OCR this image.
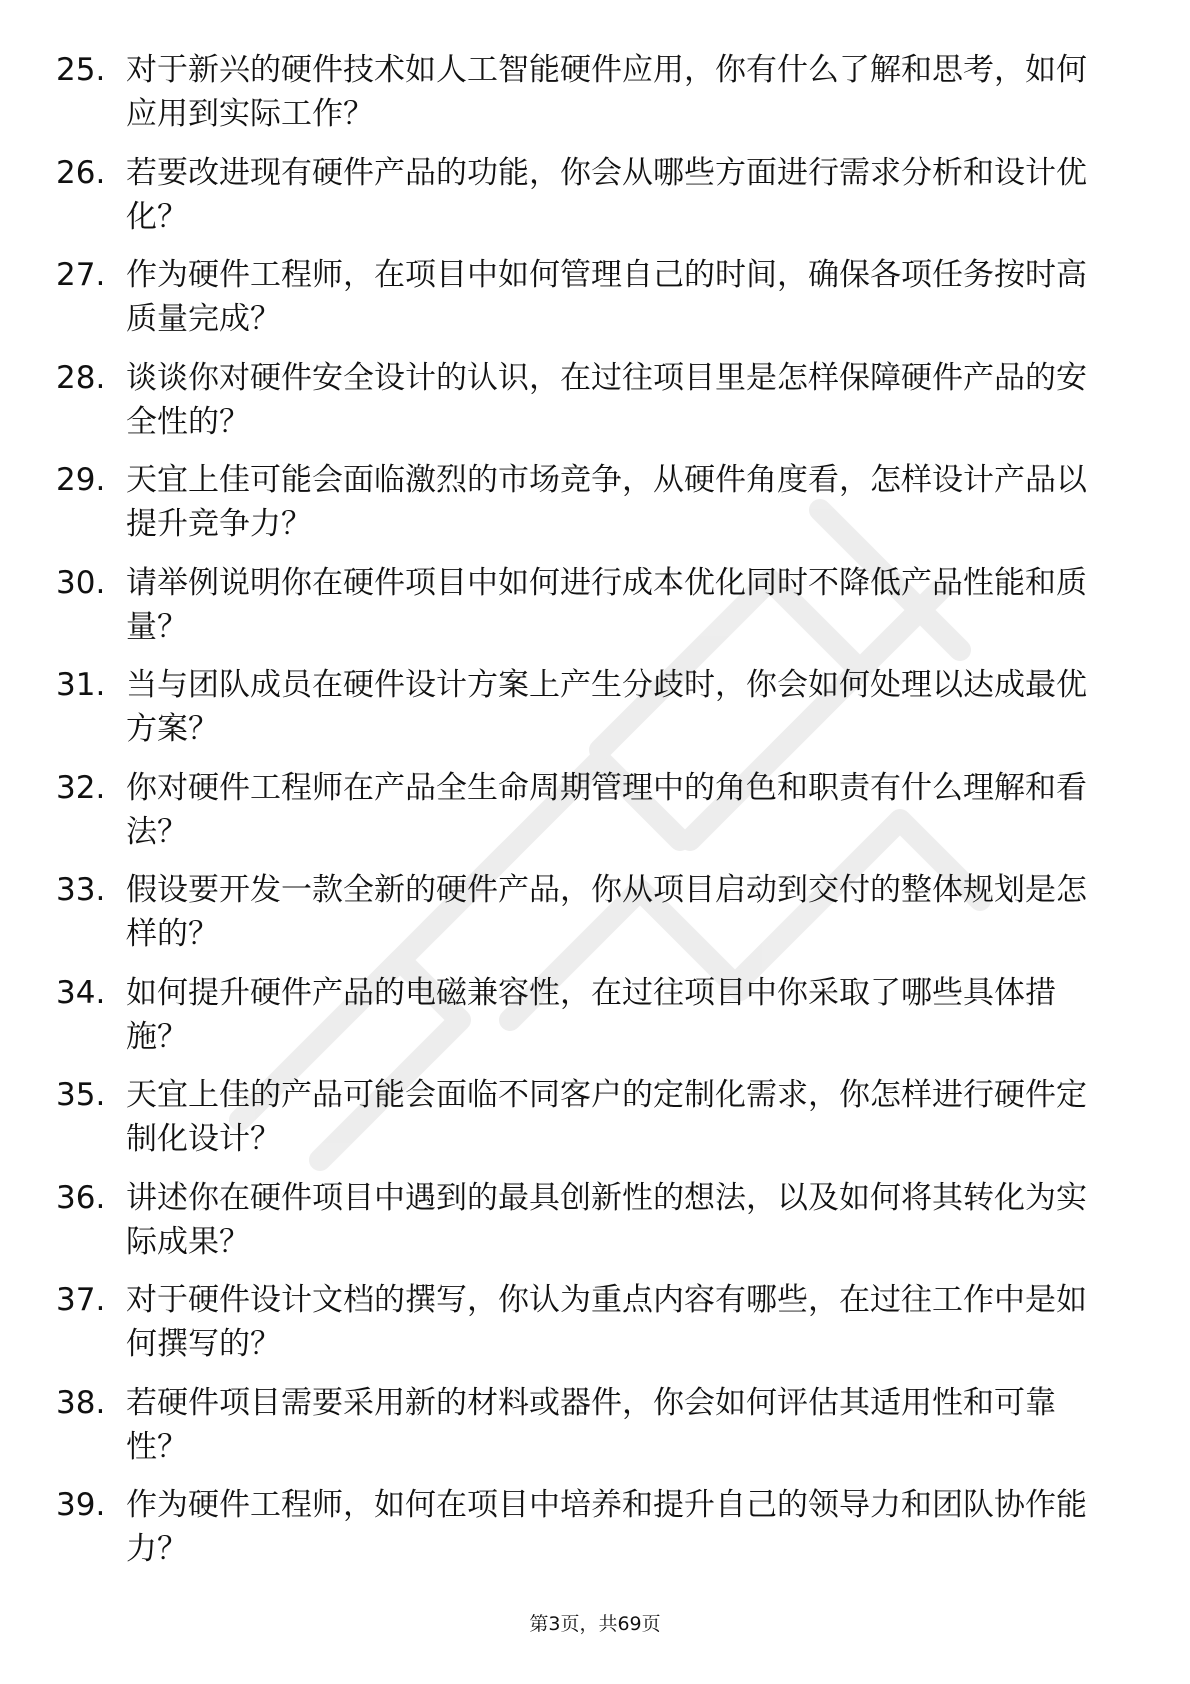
25. 对于新兴的硬件技术如人工智能硬件应用，你有什么了解和思考，如何应用到实际工作？
26. 若要改进现有硬件产品的功能，你会从哪些方面进行需求分析和设计优化？
27. 作为硬件工程师，在项目中如何管理自己的时间，确保各项任务按时高质量完成？
28. 谈谈你对硬件安全设计的认识，在过往项目里是怎样保障硬件产品的安全性的？
29. 天宜上佳可能会面临激烈的市场竞争，从硬件角度看，怎样设计产品以提升竞争力？
30. 请举例说明你在硬件项目中如何进行成本优化同时不降低产品性能和质量？
31. 当与团队成员在硬件设计方案上产生分歧时，你会如何处理以达成最优方案？
32. 你对硬件工程师在产品全生命周期管理中的角色和职责有什么理解和看法？
33. 假设要开发一款全新的硬件产品，你从项目启动到交付的整体规划是怎样的？
34. 如何提升硬件产品的电磁兼容性，在过往项目中你采取了哪些具体措施？
35. 天宜上佳的产品可能会面临不同客户的定制化需求，你怎样进行硬件定制化设计？
36. 讲述你在硬件项目中遇到的最具创新性的想法，以及如何将其转化为实际成果？
37. 对于硬件设计文档的撰写，你认为重点内容有哪些，在过往工作中是如何撰写的？
38. 若硬件项目需要采用新的材料或器件，你会如何评估其适用性和可靠性？
39. 作为硬件工程师，如何在项目中培养和提升自己的领导力和团队协作能力？
第3页，共69页
